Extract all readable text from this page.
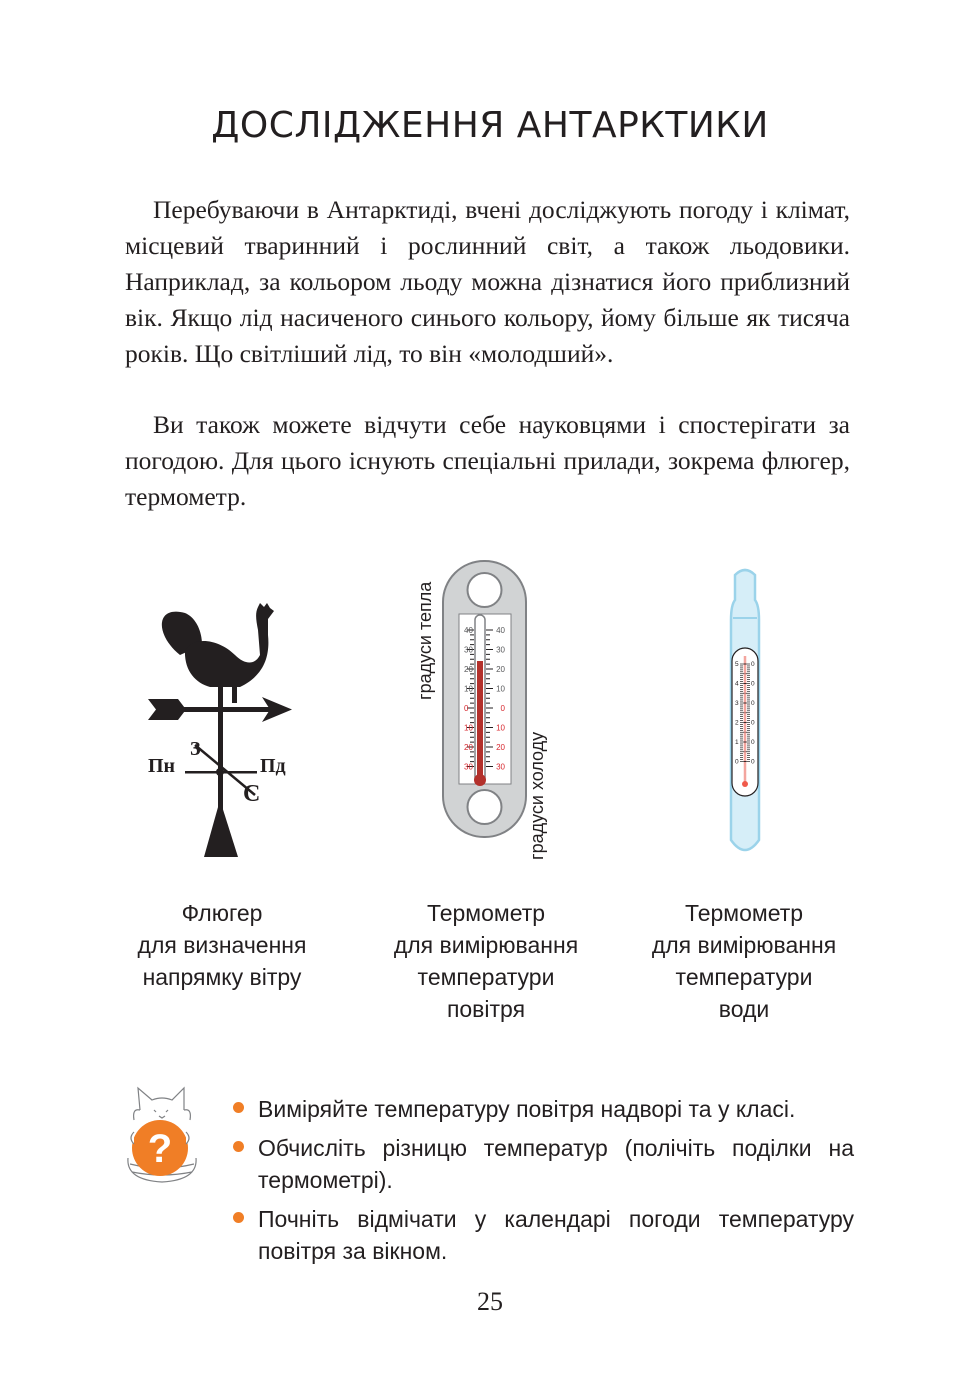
ДОСЛІДЖЕННЯ АНТАРКТИКИ

Перебуваючи в Антарктиді, вчені досліджують погоду і клімат, місцевий тваринний і рослинний світ, а також льодовики. Наприклад, за кольором льоду можна дізнатися його приблизний вік. Якщо лід насиченого синього кольору, йому більше як тисяча років. Що світліший лід, то він «молодший».

Ви також можете відчути себе науковцями і спостерігати за погодою. Для цього існують спеціальні прилади, зокрема флюгер, термометр.

З
Пн	Пд
С
40	40
30	30
20	20
10	10
0	0
10	10
20	20
30	30
градуси тепла
градуси холоду
5 0
4 0
3 0
2 0
1 0
0 0
Флюгер
для визначення
напрямку вітру
Термометр
для вимірювання
температури
повітря
Термометр
для вимірювання
температури
води
?
Виміряйте температуру повітря надворі та у класі.
Обчисліть різницю температур (полічіть поділки на термометрі).
Почніть відмічати у календарі погоди температуру повітря за вікном.
25
